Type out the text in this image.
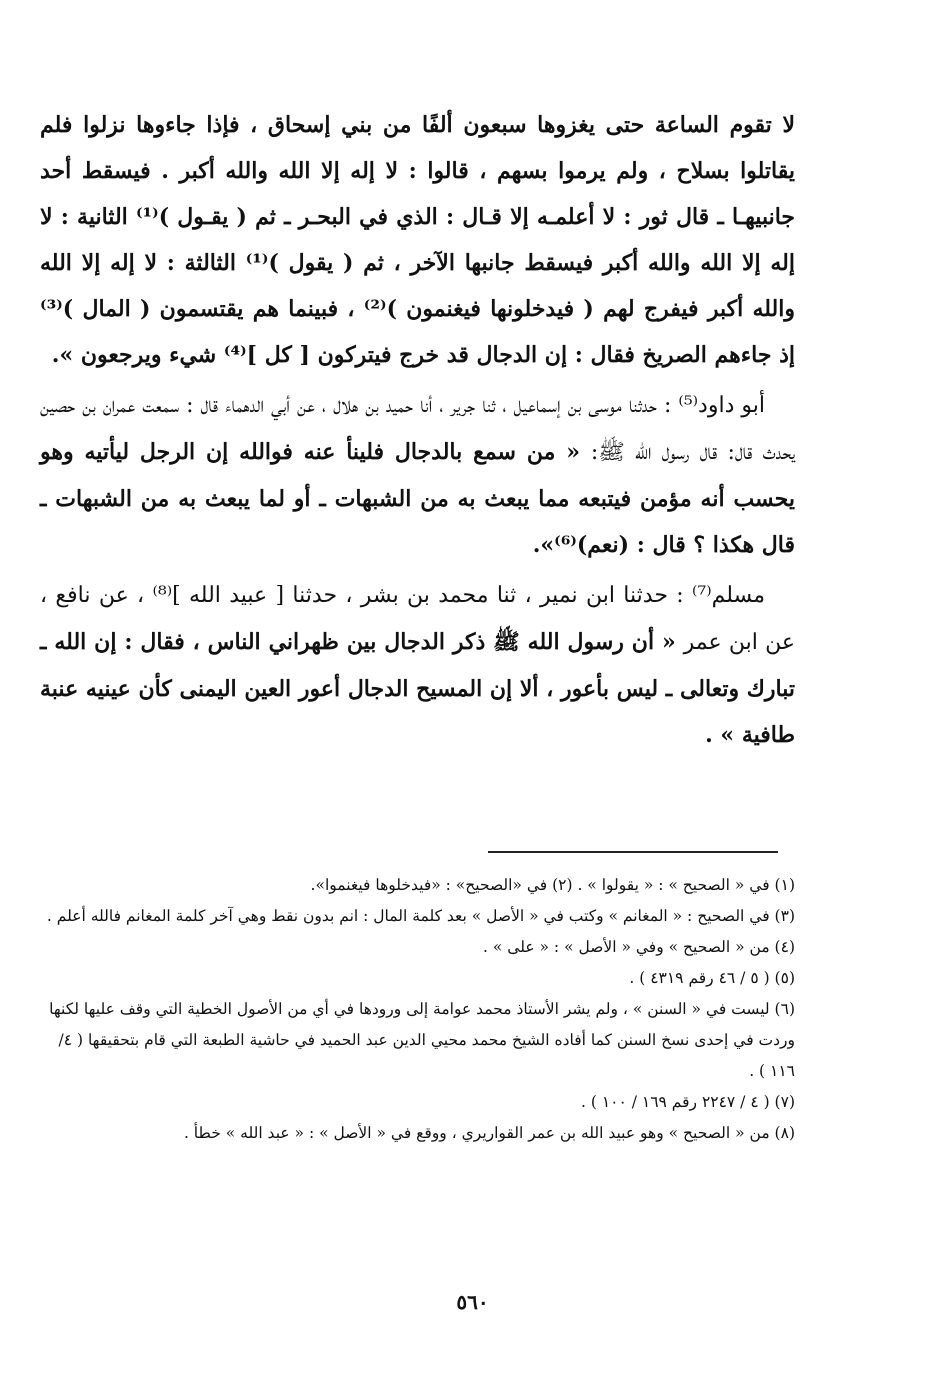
لا تقوم الساعة حتى يغزوها سبعون ألفًا من بني إسحاق ، فإذا جاءوها نزلوا فلم يقاتلوا بسلاح ، ولم يرموا بسهم ، قالوا : لا إله إلا الله والله أكبر . فيسقط أحد جانبيهـا ـ قال ثور : لا أعلمـه إلا قـال : الذي في البحـر ـ ثم ( يقـول )⁽¹⁾ الثانية : لا إله إلا الله والله أكبر فيسقط جانبها الآخر ، ثم ( يقول )⁽¹⁾ الثالثة : لا إله إلا الله والله أكبر فيفرج لهم ( فيدخلونها فيغنمون )⁽²⁾ ، فبينما هم يقتسمون ( المال )⁽³⁾ إذ جاءهم الصريخ فقال : إن الدجال قد خرج فيتركون [ كل ]⁽⁴⁾ شيء ويرجعون ».

أبو داود⁽⁵⁾ : حدثنا موسى بن إسماعيل ، ثنا جرير ، أنا حميد بن هلال ، عن أبي الدهماء قال : سمعت عمران بن حصين يحدث قال: قال رسول الله ﷺ: « من سمع بالدجال فلينأ عنه فوالله إن الرجل ليأتيه وهو يحسب أنه مؤمن فيتبعه مما يبعث به من الشبهات ـ أو لما يبعث به من الشبهات ـ قال هكذا ؟ قال : (نعم)⁽⁶⁾».

مسلم⁽⁷⁾ : حدثنا ابن نمير ، ثنا محمد بن بشر ، حدثنا [ عبيد الله ]⁽⁸⁾ ، عن نافع ، عن ابن عمر « أن رسول الله ﷺ ذكر الدجال بين ظهراني الناس ، فقال : إن الله ـ تبارك وتعالى ـ ليس بأعور ، ألا إن المسيح الدجال أعور العين اليمنى كأن عينيه عنبة طافية » .

(١) في « الصحيح » : « يقولوا » . (٢) في «الصحيح» : «فيدخلوها فيغنموا».

(٣) في الصحيح : « المغانم » وكتب في « الأصل » بعد كلمة المال : انم بدون نقط وهي آخر كلمة المغانم فالله أعلم .

(٤) من « الصحيح » وفي « الأصل » : « على » .

(٥) ( ٥ / ٤٦ رقم ٤٣١٩ ) .

(٦) ليست في « السنن » ، ولم يشر الأستاذ محمد عوامة إلى ورودها في أي من الأصول الخطية التي وقف عليها لكنها وردت في إحدى نسخ السنن كما أفاده الشيخ محمد محيي الدين عبد الحميد في حاشية الطبعة التي قام بتحقيقها ( ٤/ ١١٦ ) .

(٧) ( ٤ / ٢٢٤٧ رقم ١٦٩ / ١٠٠ ) .

(٨) من « الصحيح » وهو عبيد الله بن عمر القواريري ، ووقع في « الأصل » : « عبد الله » خطأ .

٥٦٠
